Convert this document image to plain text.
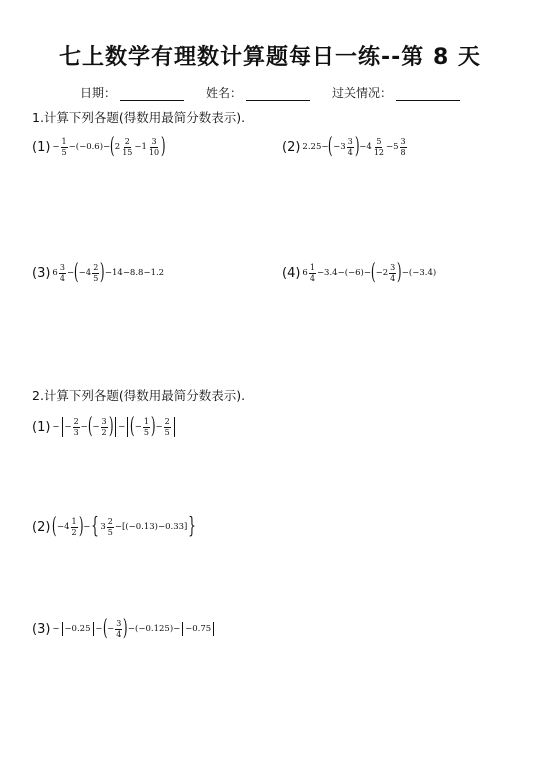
七上数学有理数计算题每日一练--第 8 天
日期：	姓名：	过关情况：
1.计算下列各题(得数用最简分数表示).
$(1) - \frac{1}{5} -(-0.6)-$ ( $2 \frac{2}{15} -1 \frac{3}{10}$ )	(2) 2.25− ( $-3 \frac{3}{4}$ ) $-4 \frac{5}{12} -5 \frac{3}{8}$
(3) $6 \frac{3}{4}$ − ( $-4 \frac{2}{5}$ ) −14−8.8−1.2	(4) $6 \frac{1}{4} -3.4-(-6)-$ ( $-2 \frac{3}{4}$ ) −(−3.4)
2.计算下列各题(得数用最简分数表示).
(1) − − $\frac{2}{3}$ − ( − $\frac{3}{2}$ ) − ( − $\frac{1}{5}$ ) − $\frac{2}{5}$
(2) ( $-4 \frac{1}{2}$ ) − { $3 \frac{2}{5} -[(-0.13)-0.33]$ }
(3) − −0.25 − ( − $\frac{3}{4}$ ) −(−0.125)− −0.75
